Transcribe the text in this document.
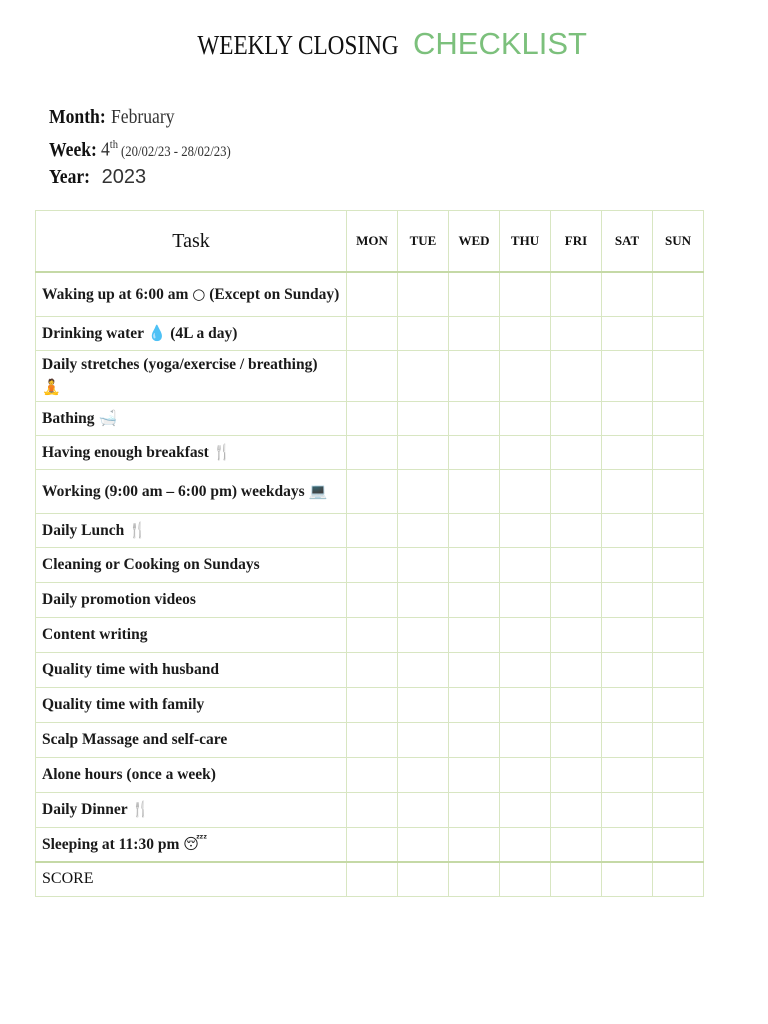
WEEKLY CLOSING CHECKLIST
Month: February
Week: 4th (20/02/23 - 28/02/23)
Year: 2023
Task	MON	TUE	WED	THU	FRI	SAT	SUN
Waking up at 6:00 am ○ (Except on Sunday)							
Drinking water 💧 (4L a day)							
Daily stretches (yoga/exercise / breathing) 🧘							
Bathing 🛁							
Having enough breakfast 🍴							
Working (9:00 am – 6:00 pm) weekdays 💻							
Daily Lunch 🍴							
Cleaning or Cooking on Sundays							
Daily promotion videos							
Content writing							
Quality time with husband							
Quality time with family							
Scalp Massage and self-care							
Alone hours (once a week)							
Daily Dinner 🍴							
Sleeping at 11:30 pm 😴							
SCORE							
